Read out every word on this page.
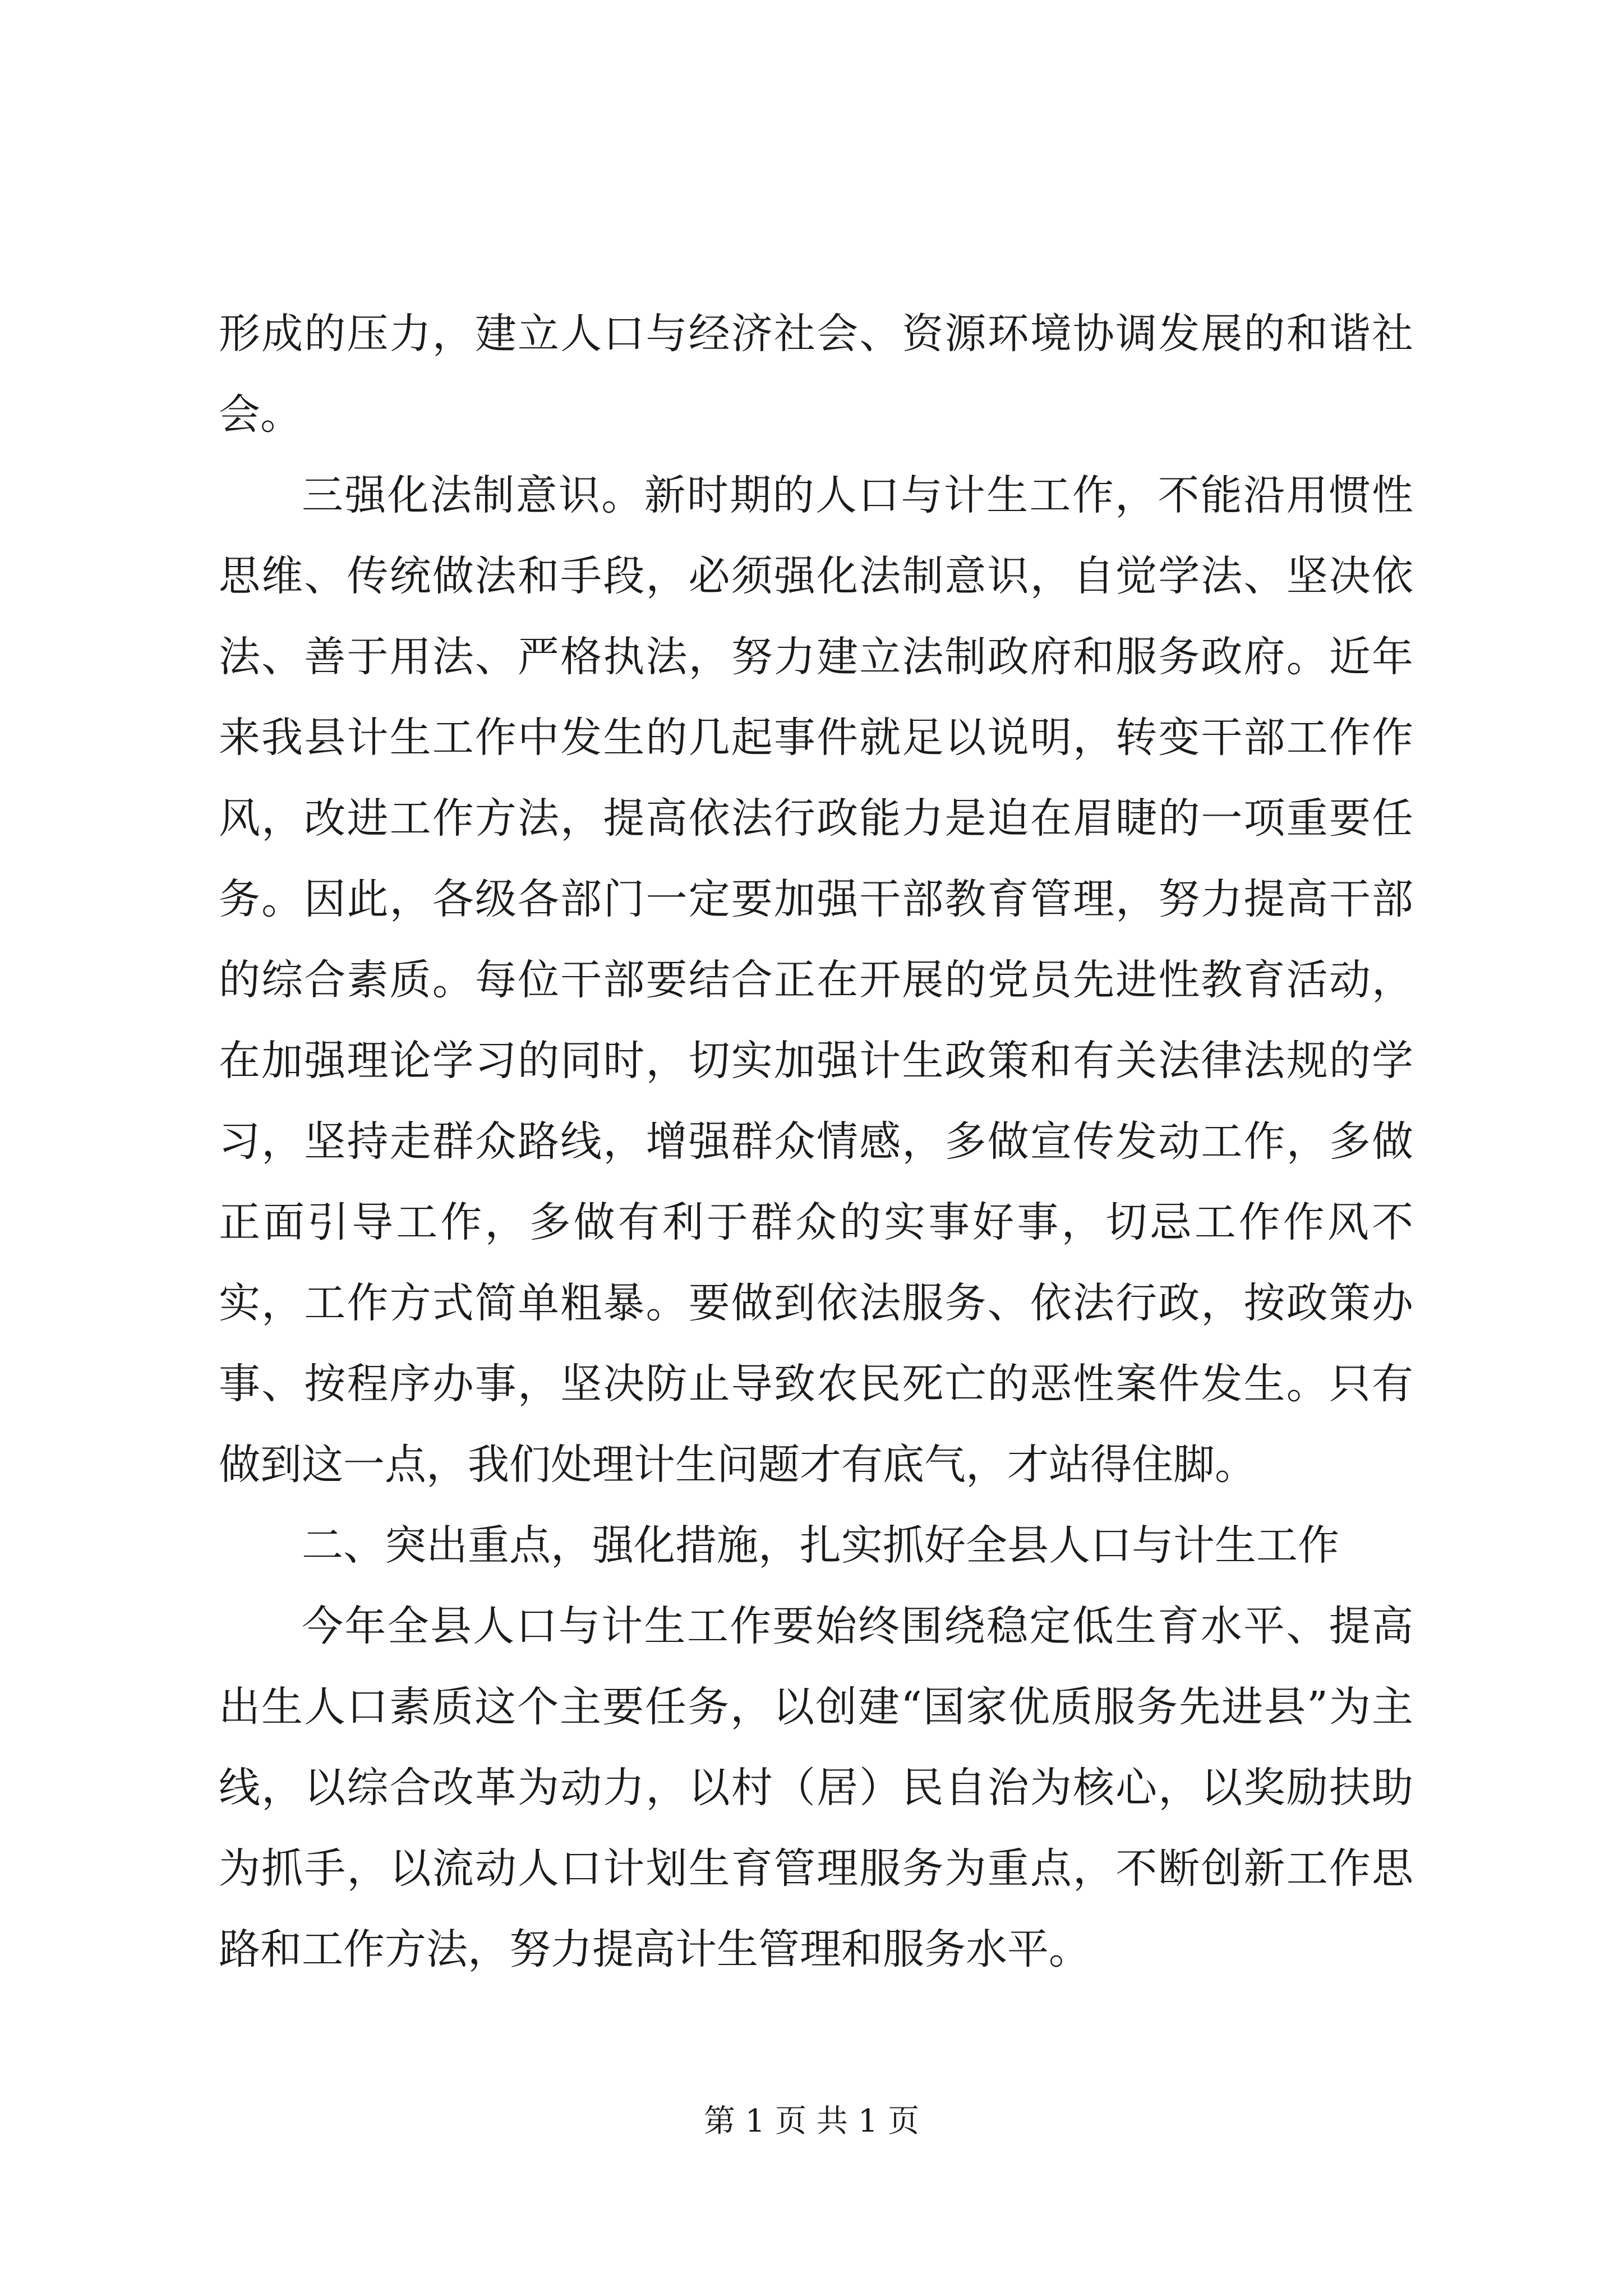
形成的压力，建立人口与经济社会、资源环境协调发展的和谐社会。

三强化法制意识。新时期的人口与计生工作，不能沿用惯性思维、传统做法和手段，必须强化法制意识，自觉学法、坚决依法、善于用法、严格执法，努力建立法制政府和服务政府。近年来我县计生工作中发生的几起事件就足以说明，转变干部工作作风，改进工作方法，提高依法行政能力是迫在眉睫的一项重要任务。因此，各级各部门一定要加强干部教育管理，努力提高干部的综合素质。每位干部要结合正在开展的党员先进性教育活动，在加强理论学习的同时，切实加强计生政策和有关法律法规的学习，坚持走群众路线，增强群众情感，多做宣传发动工作，多做正面引导工作，多做有利于群众的实事好事，切忌工作作风不实，工作方式简单粗暴。要做到依法服务、依法行政，按政策办事、按程序办事，坚决防止导致农民死亡的恶性案件发生。只有做到这一点，我们处理计生问题才有底气，才站得住脚。

二、突出重点，强化措施，扎实抓好全县人口与计生工作

今年全县人口与计生工作要始终围绕稳定低生育水平、提高出生人口素质这个主要任务，以创建“国家优质服务先进县”为主线，以综合改革为动力，以村（居）民自治为核心，以奖励扶助为抓手，以流动人口计划生育管理服务为重点，不断创新工作思路和工作方法，努力提高计生管理和服务水平。

第 1 页 共 1 页
